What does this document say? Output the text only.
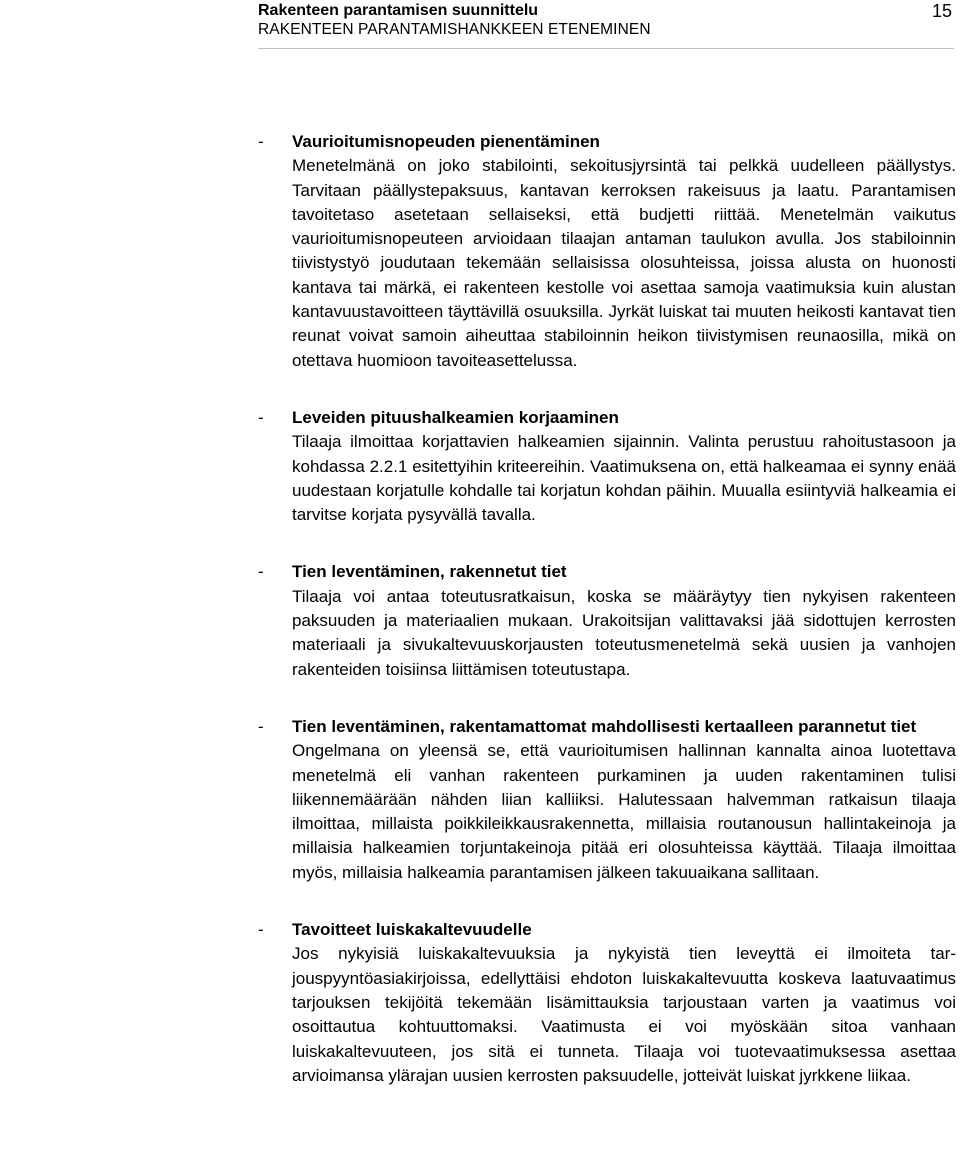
Rakenteen parantamisen suunnittelu
RAKENTEEN PARANTAMISHANKKEEN ETENEMINEN
15
- Vaurioitumisnopeuden pienentäminen
Menetelmänä on joko stabilointi, sekoitusjyrsintä tai pelkkä uudelleen päällystys. Tarvitaan päällystepaksuus, kantavan kerroksen rakeisuus ja laatu. Parantamisen tavoitetaso asetetaan sellaiseksi, että budjetti riittää. Menetelmän vaikutus vaurioitumisnopeuteen arvioidaan tilaajan antaman taulukon avulla. Jos stabiloinnin tiivistystyö joudutaan tekemään sellaisissa olosuhteissa, joissa alusta on huonosti kantava tai märkä, ei rakenteen kestolle voi asettaa samoja vaatimuksia kuin alustan kantavuustavoitteen täyttävillä osuuksilla. Jyrkät luiskat tai muuten heikosti kantavat tien reunat voivat samoin aiheuttaa stabiloinnin heikon tiivistymisen reunaosilla, mikä on otettava huomioon tavoiteasettelussa.
- Leveiden pituushalkeamien korjaaminen
Tilaaja ilmoittaa korjattavien halkeamien sijainnin. Valinta perustuu rahoitustasoon ja kohdassa 2.2.1 esitettyihin kriteereihin. Vaatimuksena on, että halkeamaa ei synny enää uudestaan korjatulle kohdalle tai korjatun kohdan päihin. Muualla esiintyviä halkeamia ei tarvitse korjata pysyvällä tavalla.
- Tien leventäminen, rakennetut tiet
Tilaaja voi antaa toteutusratkaisun, koska se määräytyy tien nykyisen rakenteen paksuuden ja materiaalien mukaan. Urakoitsijan valittavaksi jää sidottujen kerrosten materiaali ja sivukaltevuuskorjausten toteutusmenetelmä sekä uusien ja vanhojen rakenteiden toisiinsa liittämisen toteutustapa.
- Tien leventäminen, rakentamattomat mahdollisesti kertaalleen parannetut tiet
Ongelmana on yleensä se, että vaurioitumisen hallinnan kannalta ainoa luotettava menetelmä eli vanhan rakenteen purkaminen ja uuden rakentaminen tulisi liikennemäärään nähden liian kalliiksi. Halutessaan halvemman ratkaisun tilaaja ilmoittaa, millaista poikkileikkausrakennetta, millaisia routanousun hallintakeinoja ja millaisia halkeamien torjuntakeinoja pitää eri olosuhteissa käyttää. Tilaaja ilmoittaa myös, millaisia halkeamia parantamisen jälkeen takuuaikana sallitaan.
- Tavoitteet luiskakaltevuudelle
Jos nykyisiä luiskakaltevuuksia ja nykyistä tien leveyttä ei ilmoiteta tarjouspyyntöasiakirjoissa, edellyttäisi ehdoton luiskakaltevuutta koskeva laatuvaatimus tarjouksen tekijöitä tekemään lisämittauksia tarjoustaan varten ja vaatimus voi osoittautua kohtuuttomaksi. Vaatimusta ei voi myöskään sitoa vanhaan luiskakaltevuuteen, jos sitä ei tunneta. Tilaaja voi tuotevaatimuksessa asettaa arvioimansa ylärajan uusien kerrosten paksuudelle, jotteivät luiskat jyrkkene liikaa.
